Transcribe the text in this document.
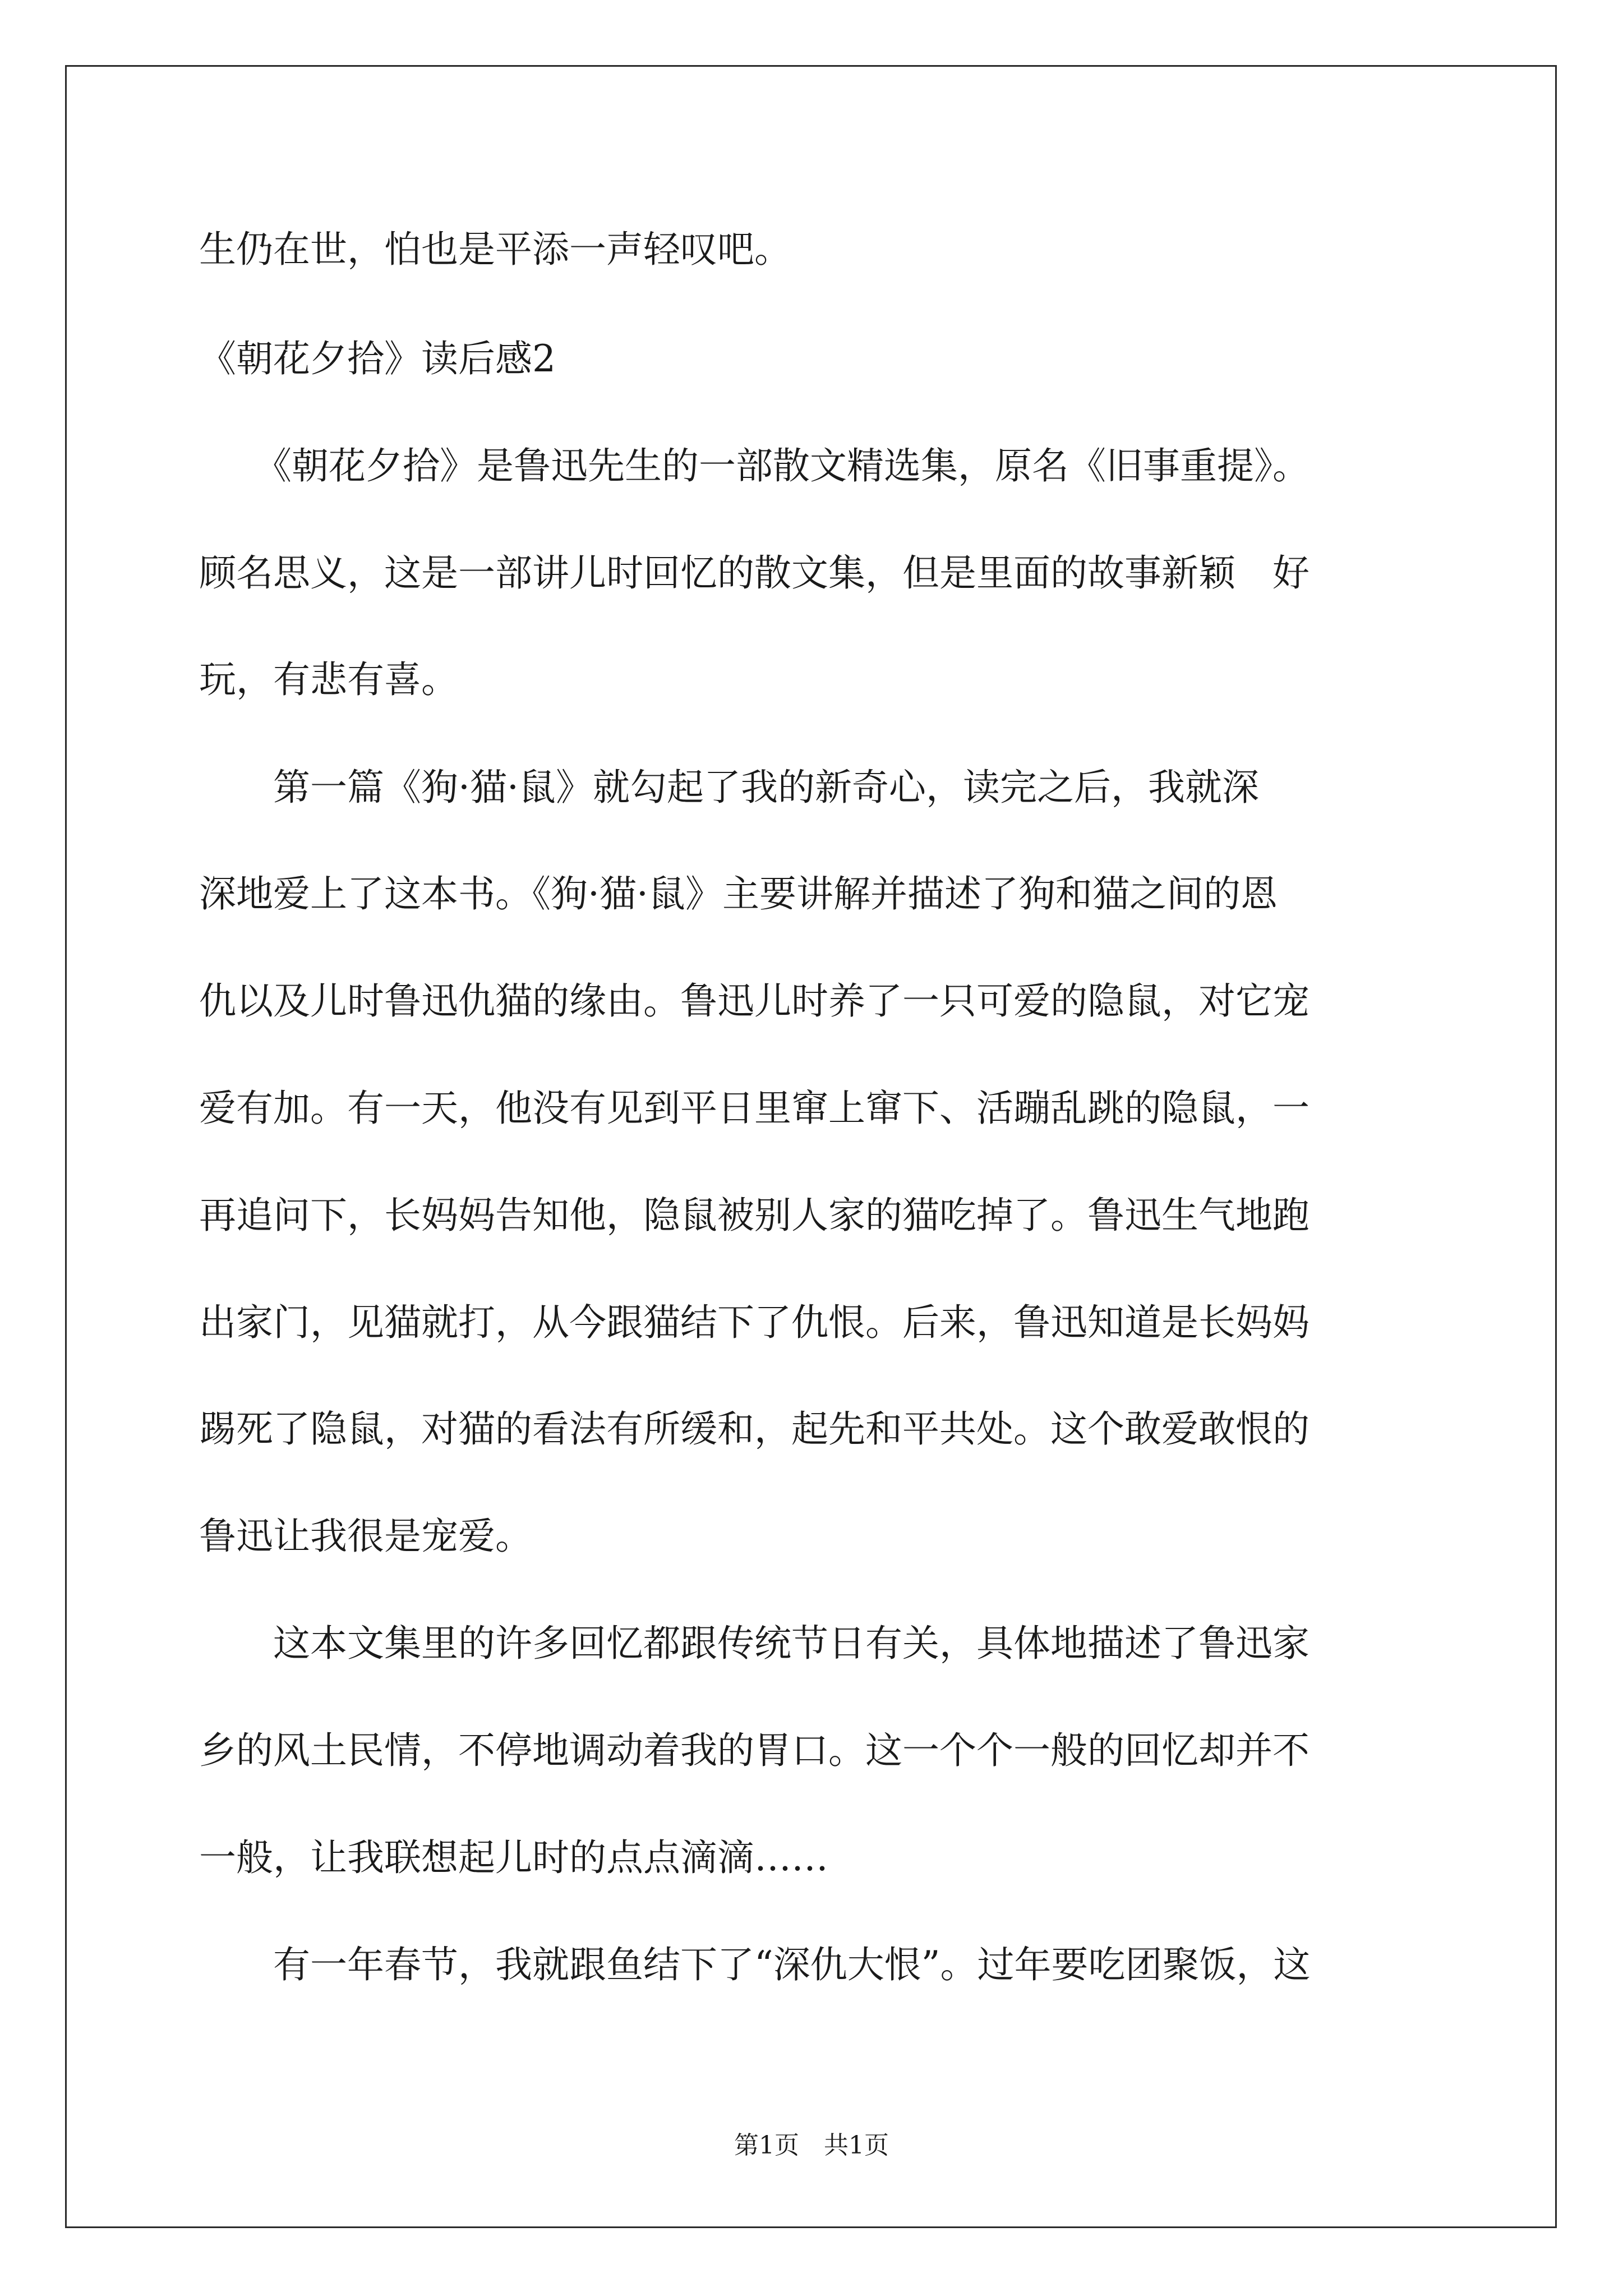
生仍在世，怕也是平添一声轻叹吧。
《朝花夕拾》读后感2
　　《朝花夕拾》是鲁迅先生的一部散文精选集，原名《旧事重提》。
顾名思义，这是一部讲儿时回忆的散文集，但是里面的故事新颖　好
玩，有悲有喜。
　　第一篇《狗·猫·鼠》就勾起了我的新奇心，读完之后，我就深
深地爱上了这本书。《狗·猫·鼠》主要讲解并描述了狗和猫之间的恩
仇以及儿时鲁迅仇猫的缘由。鲁迅儿时养了一只可爱的隐鼠，对它宠
爱有加。有一天，他没有见到平日里窜上窜下、活蹦乱跳的隐鼠，一
再追问下，长妈妈告知他，隐鼠被别人家的猫吃掉了。鲁迅生气地跑
出家门，见猫就打，从今跟猫结下了仇恨。后来，鲁迅知道是长妈妈
踢死了隐鼠，对猫的看法有所缓和，起先和平共处。这个敢爱敢恨的
鲁迅让我很是宠爱。
　　这本文集里的许多回忆都跟传统节日有关，具体地描述了鲁迅家
乡的风土民情，不停地调动着我的胃口。这一个个一般的回忆却并不
一般，让我联想起儿时的点点滴滴……
　　有一年春节，我就跟鱼结下了“深仇大恨”。过年要吃团聚饭，这
第1页　共1页
